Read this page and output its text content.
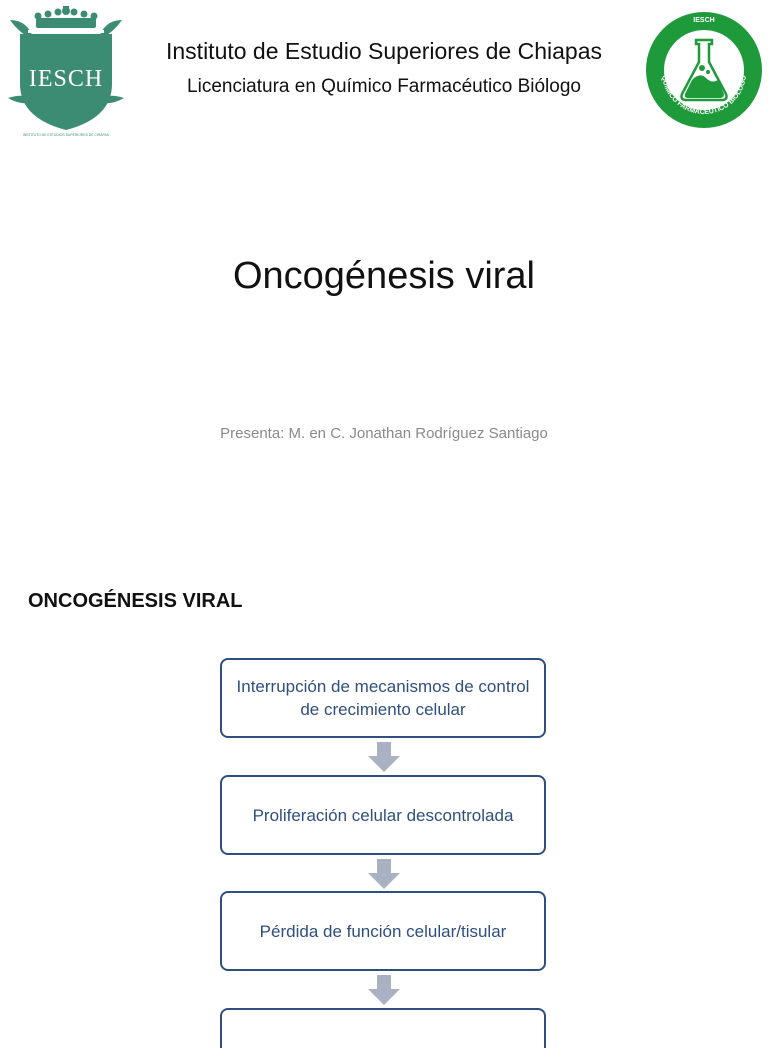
IESCH
INSTITUTO DE ESTUDIOS SUPERIORES DE CHIAPAS
Instituto de Estudio Superiores de Chiapas
Licenciatura en Químico Farmacéutico Biólogo
IESCH
QUÍMICO FARMACÉUTICO BIÓLOGO
Oncogénesis viral
Presenta: M. en C. Jonathan Rodríguez Santiago
ONCOGÉNESIS VIRAL
Interrupción de mecanismos de control de crecimiento celular
Proliferación celular descontrolada
Pérdida de función celular/tisular
